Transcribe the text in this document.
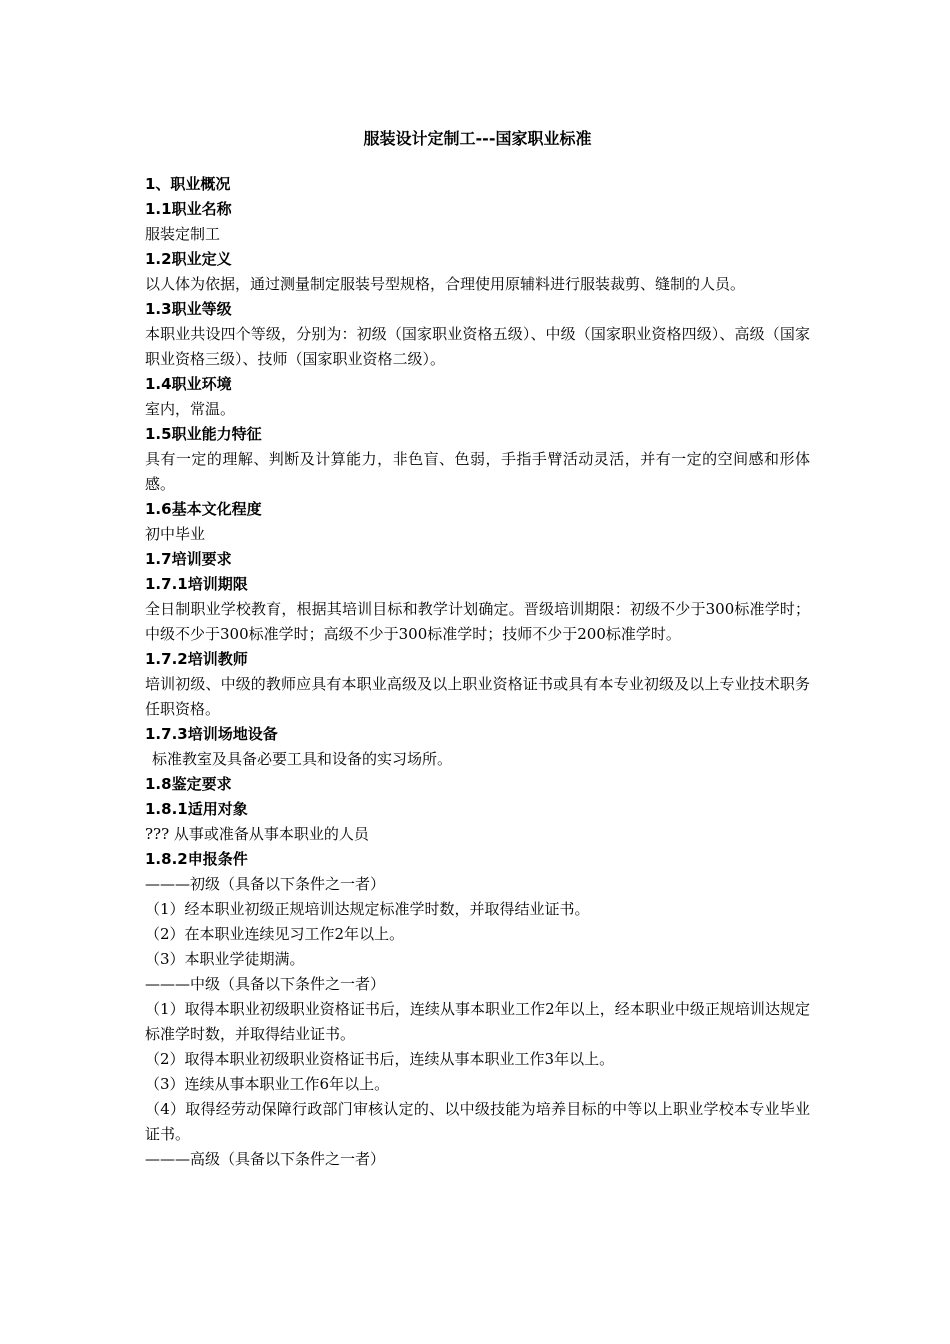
服装设计定制工---国家职业标准
1、职业概况
1.1职业名称
服装定制工
1.2职业定义
以人体为依据，通过测量制定服装号型规格，合理使用原辅料进行服装裁剪、缝制的人员。
1.3职业等级
本职业共设四个等级，分别为：初级（国家职业资格五级）、中级（国家职业资格四级）、高级（国家职业资格三级）、技师（国家职业资格二级）。
1.4职业环境
室内，常温。
1.5职业能力特征
具有一定的理解、判断及计算能力，非色盲、色弱，手指手臂活动灵活，并有一定的空间感和形体感。
1.6基本文化程度
初中毕业
1.7培训要求
1.7.1培训期限
全日制职业学校教育，根据其培训目标和教学计划确定。晋级培训期限：初级不少于300标准学时；中级不少于300标准学时；高级不少于300标准学时；技师不少于200标准学时。
1.7.2培训教师
培训初级、中级的教师应具有本职业高级及以上职业资格证书或具有本专业初级及以上专业技术职务任职资格。
1.7.3培训场地设备
标准教室及具备必要工具和设备的实习场所。
1.8鉴定要求
1.8.1适用对象
??? 从事或准备从事本职业的人员
1.8.2申报条件
———初级（具备以下条件之一者）
（1）经本职业初级正规培训达规定标准学时数，并取得结业证书。
（2）在本职业连续见习工作2年以上。
（3）本职业学徒期满。
———中级（具备以下条件之一者）
（1）取得本职业初级职业资格证书后，连续从事本职业工作2年以上，经本职业中级正规培训达规定标准学时数，并取得结业证书。
（2）取得本职业初级职业资格证书后，连续从事本职业工作3年以上。
（3）连续从事本职业工作6年以上。
（4）取得经劳动保障行政部门审核认定的、以中级技能为培养目标的中等以上职业学校本专业毕业证书。
———高级（具备以下条件之一者）
